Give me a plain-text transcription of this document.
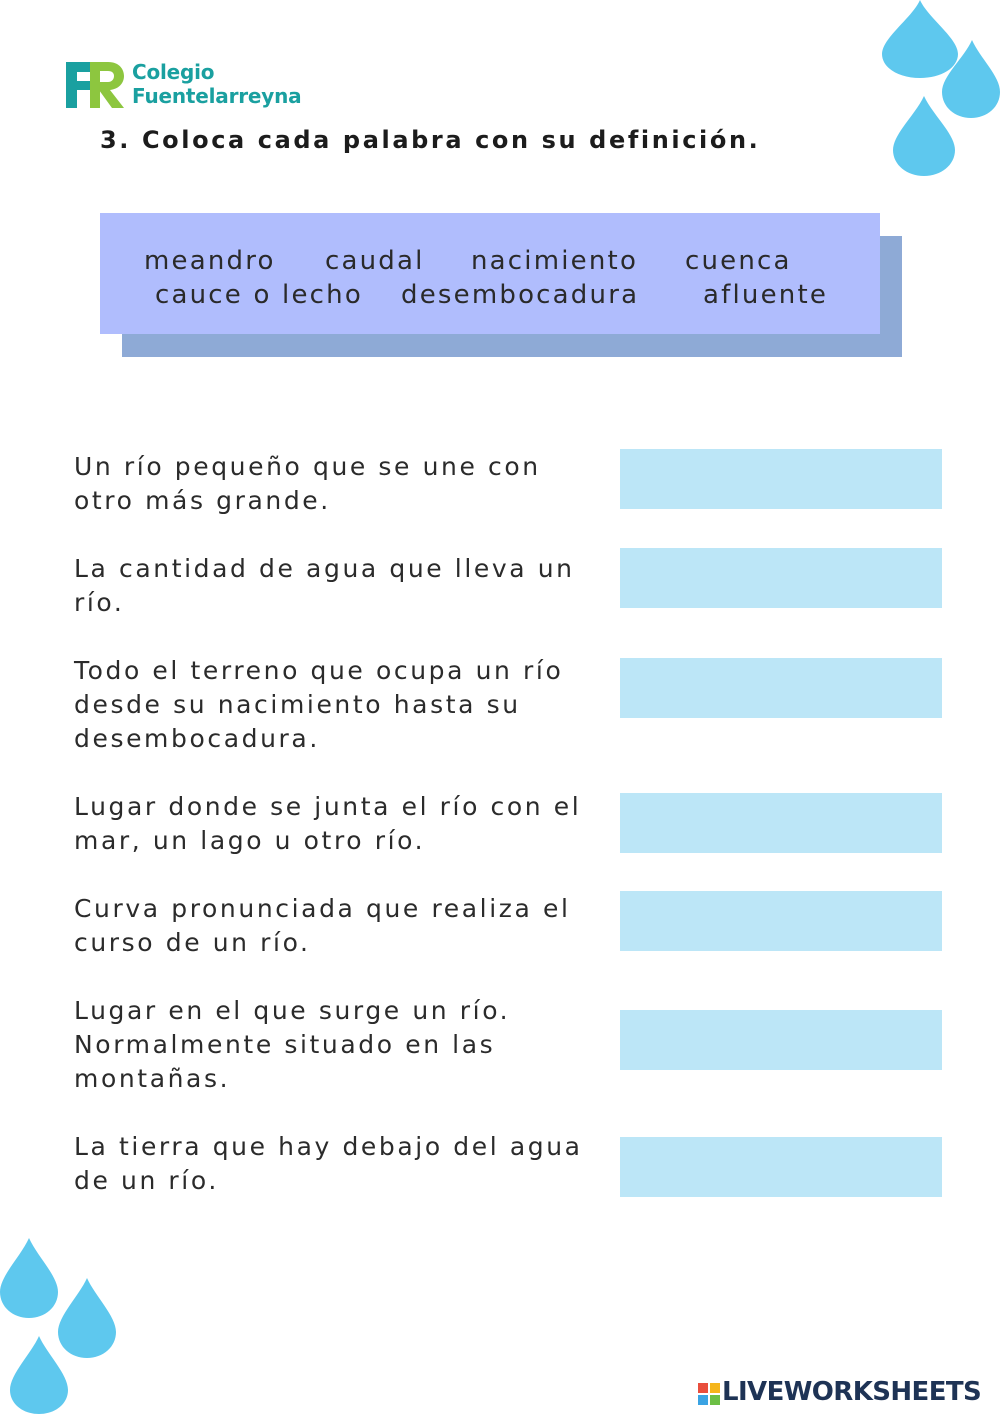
Colegio
Fuentelarreyna
3. Coloca cada palabra con su definición.
meandro caudal nacimiento cuenca
cauce o lecho desembocadura afluente
Un río pequeño que se une con otro más grande.
La cantidad de agua que lleva un río.
Todo el terreno que ocupa un río desde su nacimiento hasta su desembocadura.
Lugar donde se junta el río con el mar, un lago u otro río.
Curva pronunciada que realiza el curso de un río.
Lugar en el que surge un río. Normalmente situado en las montañas.
La tierra que hay debajo del agua de un río.
LIVEWORKSHEETS
